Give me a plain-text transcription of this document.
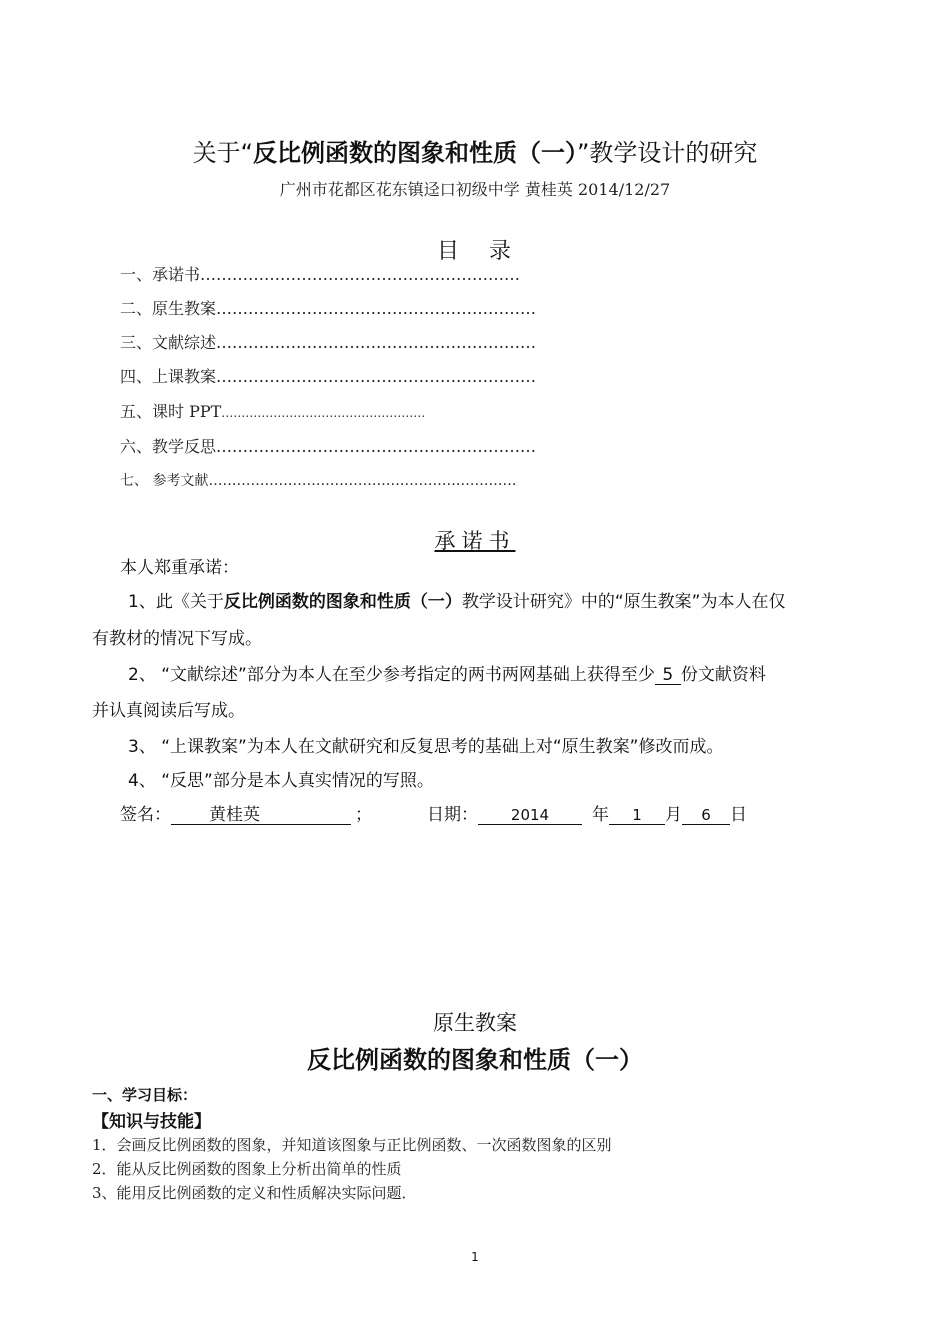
关于“反比例函数的图象和性质（一）”教学设计的研究
广州市花都区花东镇迳口初级中学 黄桂英 2014/12/27
目 录
一、承诺书……………………………………………………
二、原生教案……………………………………………………
三、文献综述……………………………………………………
四、上课教案……………………………………………………
五、课时 PPT……………………………………………
六、教学反思……………………………………………………
七、 参考文献…………………………………………………………
承诺书
本人郑重承诺：
1、此《关于反比例函数的图象和性质（一）教学设计研究》中的“原生教案”为本人在仅
有教材的情况下写成。
2、 “文献综述”部分为本人在至少参考指定的两书两网基础上获得至少 5 份文献资料
并认真阅读后写成。
3、 “上课教案”为本人在文献研究和反复思考的基础上对“原生教案”修改而成。
4、 “反思”部分是本人真实情况的写照。
签名： 黄桂英	；	日期： 2014	年 1 月 6 日
原生教案
反比例函数的图象和性质（一）
一、学习目标：
【知识与技能】
1．会画反比例函数的图象，并知道该图象与正比例函数、一次函数图象的区别
2．能从反比例函数的图象上分析出简单的性质
3、能用反比例函数的定义和性质解决实际问题．
1
